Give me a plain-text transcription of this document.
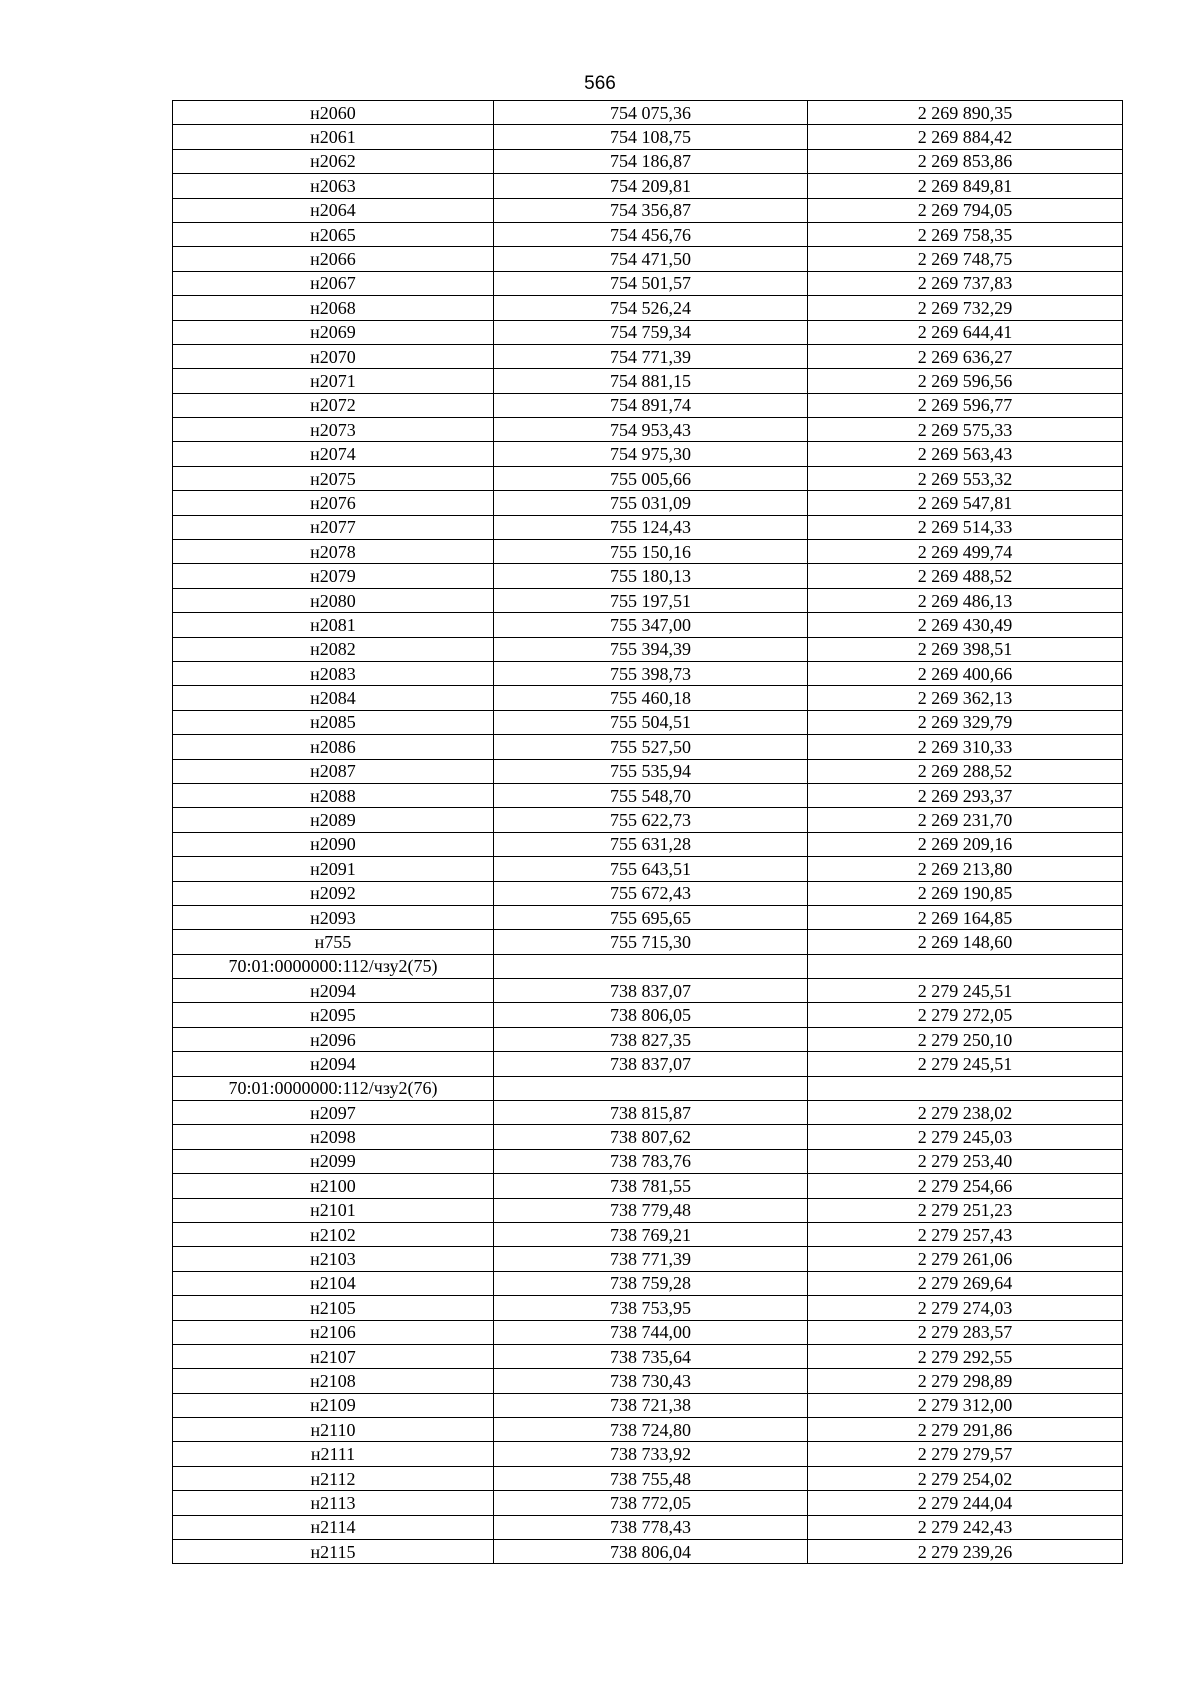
566
н2060	754 075,36	2 269 890,35
н2061	754 108,75	2 269 884,42
н2062	754 186,87	2 269 853,86
н2063	754 209,81	2 269 849,81
н2064	754 356,87	2 269 794,05
н2065	754 456,76	2 269 758,35
н2066	754 471,50	2 269 748,75
н2067	754 501,57	2 269 737,83
н2068	754 526,24	2 269 732,29
н2069	754 759,34	2 269 644,41
н2070	754 771,39	2 269 636,27
н2071	754 881,15	2 269 596,56
н2072	754 891,74	2 269 596,77
н2073	754 953,43	2 269 575,33
н2074	754 975,30	2 269 563,43
н2075	755 005,66	2 269 553,32
н2076	755 031,09	2 269 547,81
н2077	755 124,43	2 269 514,33
н2078	755 150,16	2 269 499,74
н2079	755 180,13	2 269 488,52
н2080	755 197,51	2 269 486,13
н2081	755 347,00	2 269 430,49
н2082	755 394,39	2 269 398,51
н2083	755 398,73	2 269 400,66
н2084	755 460,18	2 269 362,13
н2085	755 504,51	2 269 329,79
н2086	755 527,50	2 269 310,33
н2087	755 535,94	2 269 288,52
н2088	755 548,70	2 269 293,37
н2089	755 622,73	2 269 231,70
н2090	755 631,28	2 269 209,16
н2091	755 643,51	2 269 213,80
н2092	755 672,43	2 269 190,85
н2093	755 695,65	2 269 164,85
н755	755 715,30	2 269 148,60
70:01:0000000:112/чзу2(75)		
н2094	738 837,07	2 279 245,51
н2095	738 806,05	2 279 272,05
н2096	738 827,35	2 279 250,10
н2094	738 837,07	2 279 245,51
70:01:0000000:112/чзу2(76)		
н2097	738 815,87	2 279 238,02
н2098	738 807,62	2 279 245,03
н2099	738 783,76	2 279 253,40
н2100	738 781,55	2 279 254,66
н2101	738 779,48	2 279 251,23
н2102	738 769,21	2 279 257,43
н2103	738 771,39	2 279 261,06
н2104	738 759,28	2 279 269,64
н2105	738 753,95	2 279 274,03
н2106	738 744,00	2 279 283,57
н2107	738 735,64	2 279 292,55
н2108	738 730,43	2 279 298,89
н2109	738 721,38	2 279 312,00
н2110	738 724,80	2 279 291,86
н2111	738 733,92	2 279 279,57
н2112	738 755,48	2 279 254,02
н2113	738 772,05	2 279 244,04
н2114	738 778,43	2 279 242,43
н2115	738 806,04	2 279 239,26
